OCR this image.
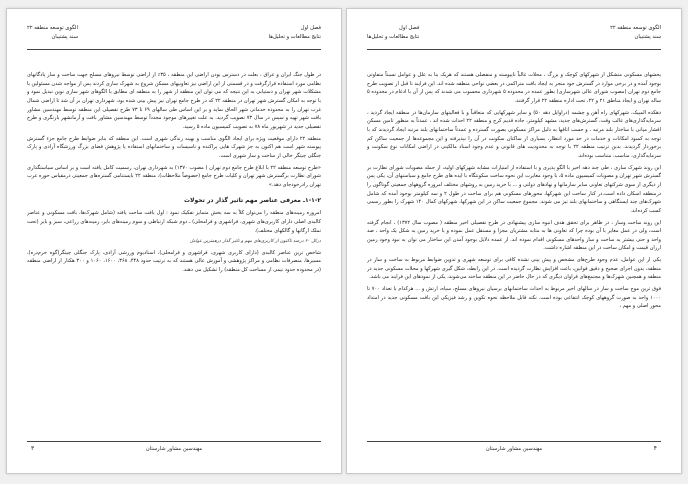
فصل اول
نتایج مطالعات و تحلیل‌ها
الگوی توسعه منطقه ۲۲
سند پشتیبان

در طول جنگ ایران و عراق ، بعلت در دسترس بودن اراضی این منطقه ، ۳۵٪ از اراضی توسط نیروهای مسلح جهت ساخت و ساز پادگانهای نظامی مورد استفاده قرارگرفت و در قسمتی از این اراضی نیز تعاونیهای مسکن شروع به شهرک سازی کردند پس از مواجه شدن مسئولین با مشکلات شهر تهران و دستیابی به این نتیجه که می توان این منطقه از شهر را به منطقه ای مطابق با الگوهای شهر سازی نوین تبدیل نمود و با توجه به امکان گسترش شهر تهران در منطقه ۲۲ که در طرح جامع تهران نیز پیش بینی شده بود، شهرداری تهران بر آن شد تا اراضی شمال غرب تهران را به محدوده خدماتی شهر الحاق نماید و بر این اساس طی سالهای ۶۹ تا ۷۳ طرح تفصیلی این منطقه توسط مهندسین مشاور بافت شهر تهیه و سپس در سال ۷۳ تصویب گردید. به علت تغییرهای موجود مجدداً توسط مهندسین مشاور بافت و آرمانشهر بازنگری و طرح تفصیلی جدید در شهریور ماه ۷۸ به تصویب کمیسیون ماده ۵ رسید.

منطقه ۲۲ دارای موقعیت ویژه برای ایجاد الگوی مناسب و بهینه زندگی شهری است. این منطقه که بنابر ضوابط طرح جامع جزء گسترش پیوسته شهر است هم اکنون به جز شهرک هایی پراکنده و تاسیسات و ساختمانهای استفاده یا پژوهش فضای بزرگ ورزشگاه آزادی و پارک جنگلی چیتگر خالی از ساخت و ساز شهری است.

«طرح توسعه منطقه ۲۲ با ابلاغ طرح جامع دوم تهران ( مصوب ۱۳۷۰) به شهرداری تهران، رسمیت کامل یافته است و بر اساس سیاستگذاری شورای نظارت برگسترش شهر تهران و کلیات طرح جامع (خصوصاً ملاحظات)، منطقه ۲۲ بایستنامی گستره‌های جمعیتی درمقیاس حوزه غرب تهران رادرخودجای دهد.»

۱-۱-۲ـ معرفی عناصر مهم تاثیر گذار در تحولات

امروزه زمینه‌های منطقه را می‌توان کلاً به سه بخش متمایز تفکیک نمود : اول بافت ساخت یافته (شامل شهرک‌ها، بافت مسکونی و عناصر کالبدی اصلی دارای کاربری‌های شهری، فراشهری و فرامحلی) ـ دوم شبکه ارتباطی و سوم زمینه‌های بایر، زمینه‌های زراعی، سبز و بایر (تحت تملک ارگانها و گالکهای مختلف).

درکل ۶۰ درصد تاکنون از کاربری‌های مهم و تاثیر گذار درهمترین عوامل

شاخص ترین عناصر کالبدی (دارای کاربری شهری، فراشهری و فرامحلی)، استادیوم ورزشی آزادی، پارک جنگلی چیتگر(گوه خرم‌دره)، مسیرها، منصرفات نظامی و مراکز پژوهشی و آموزش عالی هستند که به ترتیب حدود ۴۴۸، ۳۶۸، ۱۶۰۰، ۱۰۶۰ و ۳۰۰ هکتار از اراضی منطقه (در محدوده حدود نیمی از مساحت کل منطقه) را تشکیل می دهند.

مهندسین مشاور شارستان
۳
الگوی توسعه منطقه ۲۲
سند پشتیبان
فصل اول
نتایج مطالعات و تحلیل‌ها

بخشهای مسکونی متشکل از شهرکهای کوچک و بزرگ ، محلات غالباً ناپیوسته و منفصلی هستند که هریک بنا به علل و عوامل نسبتاً متفاوتی بوجود آمده و در برخی موارد در گسترش خود منجر به ایجاد بافت متراکمی در بعضی نواحی منطقه شده اند. این فرایند تا قبل از تصویب طرح جامع دوم تهران (مصوب شورای عالی شهرسازی) بطور عمده در محدوده ۵ شهرداری محسوب می شدند که پس از آن با ادغام در محدوده ۵ ساله تهران و ایجاد مناطق ۲۱ و ۲۲، تحت اداره منطقه ۲۲ قرار گرفتند.

دهکده المپیک، شهرکهای راه آهن و چشمه (دراوایل دهه ۵۰) و سایر شهرکهایی که متعاقباً و با فعالیتهای سازمان‌ها در منطقه ایجاد گردید ، سرمایه‌گذاری‌های غالب وقت، گسترش‌های جدید، مشهد کیلومتر، جاده قدیم کرج و منطقه ۲۲ احداث شده اند ، عمدتاً به منظور تامین مسکن اقشار میانی با ساختار بلند مرتبه ، و حسب اتاقها به دلیل مراکز مسکونی بصورت گسترده و عمدتاً ساختمانهای بلند مرتبه ایجاد گردیدند که با توجه به کمبود امکانات و خدمات در حد مورد انتظار، بسیاری از ساکنان سکونت در آن را نپذیرفته و این مجموعه‌ها از جمعیت ساکن کم برخوردار گردیدند. بدین ترتیب منطقه ۲۲ با توجه به محدودیت های قانونی و عدم وجود اسناد مالکیتی در اراضی امکانات نوع سکونت و سرمایه‌گذاری، مناسب، متناسب بوده‌اند.

این روند شهرک سازی ، طی چند دهه اخیر با الگو پذیری و با استفاده از امتیازات مشابه شهرکهای اولیه، از جمله مصوبات شورای نظارت بر گسترش شهر تهران و مصوبات کمیسیون ماده ۵، با وجود مغایرت این نحوه ساخت سکونتگاه با ایده های طرح جامع و سیاستهای آن، یکی پس از دیگری از سوی شرکتهای تعاونی سایر سازمانها و نهادهای دولتی و ... با خرید زمین به روشهای مختلف امروزه گروههای جمعیتی گوناگون را درمنطقه اسکان داده است.در کنار ساخت این شهرکها، محورهای مسکونی هم برای ساخت در طول ۲ و سه کیلومتر بوجود آمده که شامل شهرک‌های چند ایستگاهی و ساختمانهای بلند نیز می شوند. مجموع جمعیت ساکن در این شهرکها، شهرکهای کمال ۱۴۰ شهرک را بطور رسمی کسب کرده‌اند.

این روند ساخت وساز ، در ظاهر برای تحقق هدف انبوه سازی پیشنهادی در طرح تفصیلی اخیر منطقه ( مصوب سال ۱۳۷۲) ، انجام گرفته است، ولی در عمل مغایر با آن بوده چرا که تعاونی ها به مثابه مشتریان مجزا و مستقل عمل نموده و با خرید زمین به شکل یک واحد ، صد واحد و حتی بیشتر به ساخت و ساز واحدهای مسکونی اقدام نموده اند. از عمده دلایل بوجود آمدن این ساختار می توان به نبود وجود زمین ارزان قیمت و امکان ساخت در این منطقه اشاره داشت.

یکی از این عوامل، عدم وجود طرح‌های مشخص و پیش بینی نشده کافی برای توسعه شهری و تدوین ضوابط مربوط به ساخت و ساز در منطقه، بدون اجرای صحیح و دقیق قوانین، باعث افزایش نظارت گردیده است. در این رابطه، شکل گیری شهرکها و محلات مسکونی جدید در منطقه و همچنین شهرک‌ها و مجتمع‌های فراوان دیگری که در حال حاضر در این منطقه ساخته می‌شوند، یکی از نمودهای این فرایند می باشد.

فوق ترین موج ساخت و ساز در سالهای اخیر مربوط به احداث ساختمانهای برسیان نیروهای مسلح، سپاه، ارتش و ... هرکدام با تعداد ۷۰۰ تا ۱۰۰۰ واحد به صورت گروههای کوچک انتفاعی بوده است. نکته قابل ملاحظه نحوه تکوین و رشد فیزیکی این بافت مسکونی جدید در امتداد محور اصلی و مهم ،

مهندسین مشاور شارستان	۴
